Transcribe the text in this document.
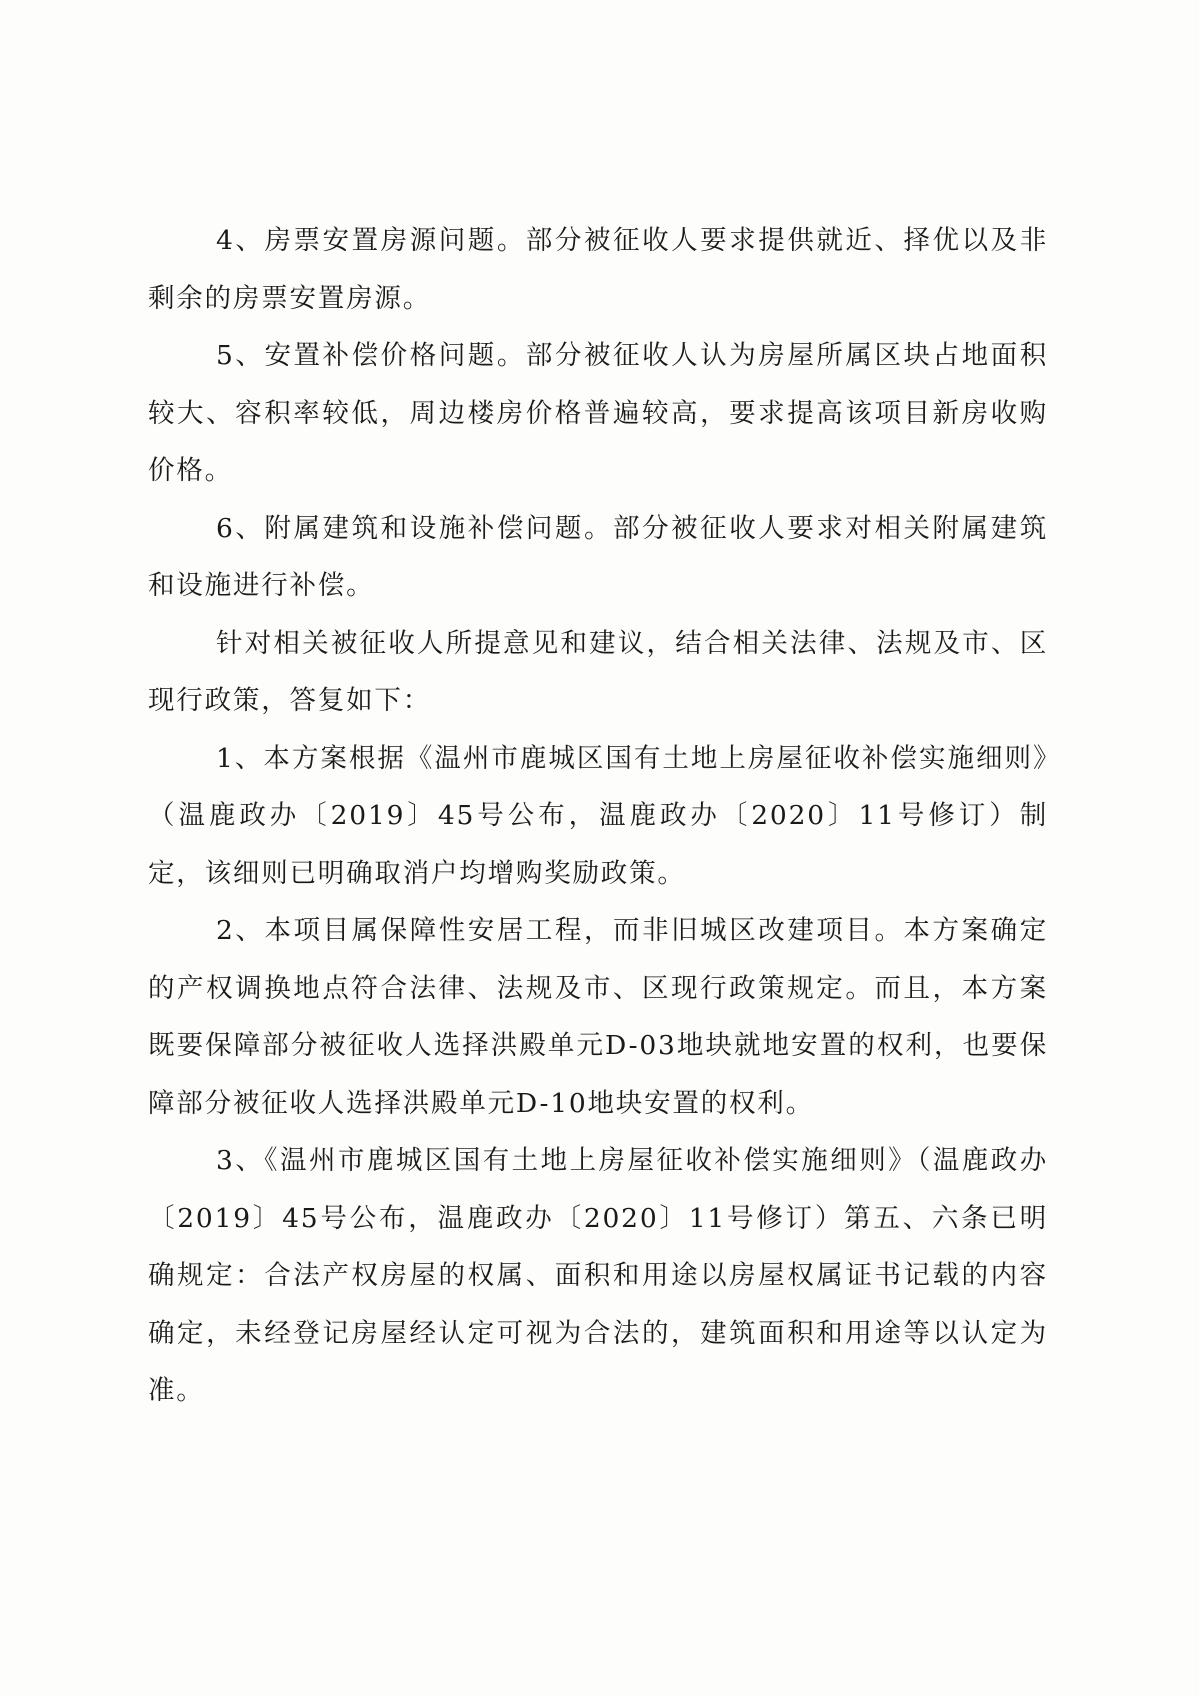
4、房票安置房源问题。部分被征收人要求提供就近、择优以及非剩余的房票安置房源。

5、安置补偿价格问题。部分被征收人认为房屋所属区块占地面积较大、容积率较低，周边楼房价格普遍较高，要求提高该项目新房收购价格。

6、附属建筑和设施补偿问题。部分被征收人要求对相关附属建筑和设施进行补偿。

针对相关被征收人所提意见和建议，结合相关法律、法规及市、区现行政策，答复如下：

1、本方案根据《温州市鹿城区国有土地上房屋征收补偿实施细则》（温鹿政办〔2019〕45号公布，温鹿政办〔2020〕11号修订）制定，该细则已明确取消户均增购奖励政策。

2、本项目属保障性安居工程，而非旧城区改建项目。本方案确定的产权调换地点符合法律、法规及市、区现行政策规定。而且，本方案既要保障部分被征收人选择洪殿单元D-03地块就地安置的权利，也要保障部分被征收人选择洪殿单元D-10地块安置的权利。

3、《温州市鹿城区国有土地上房屋征收补偿实施细则》（温鹿政办〔2019〕45号公布，温鹿政办〔2020〕11号修订）第五、六条已明确规定：合法产权房屋的权属、面积和用途以房屋权属证书记载的内容确定，未经登记房屋经认定可视为合法的，建筑面积和用途等以认定为准。
